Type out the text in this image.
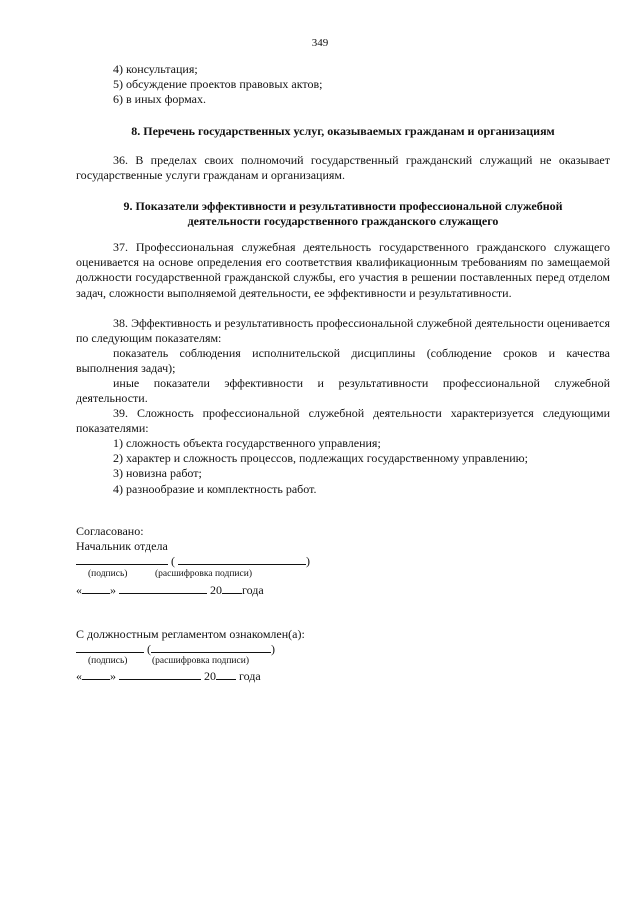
349
4) консультация;
5) обсуждение проектов правовых актов;
6) в иных формах.
8. Перечень государственных услуг, оказываемых гражданам и организациям
36. В пределах своих полномочий государственный гражданский служащий не оказывает государственные услуги гражданам и организациям.
9. Показатели эффективности и результативности профессиональной служебной
деятельности государственного гражданского служащего
37. Профессиональная служебная деятельность государственного гражданского служащего оценивается на основе определения его соответствия квалификационным требованиям по замещаемой должности государственной гражданской службы, его участия в решении поставленных перед отделом задач, сложности выполняемой деятельности, ее эффективности и результативности.
38. Эффективность и результативность профессиональной служебной деятельности оценивается по следующим показателям:
показатель соблюдения исполнительской дисциплины (соблюдение сроков и качества выполнения задач);
иные показатели эффективности и результативности профессиональной служебной деятельности.
39. Сложность профессиональной служебной деятельности характеризуется следующими показателями:
1) сложность объекта государственного управления;
2) характер и сложность процессов, подлежащих государственному управлению;
3) новизна работ;
4) разнообразие и комплектность работ.
Согласовано:
Начальник отдела
(	)
(подпись)	(расшифровка подписи)
« »	20 года
С должностным регламентом ознакомлен(а):
(	)
(подпись)	(расшифровка подписи)
« »	20 года
